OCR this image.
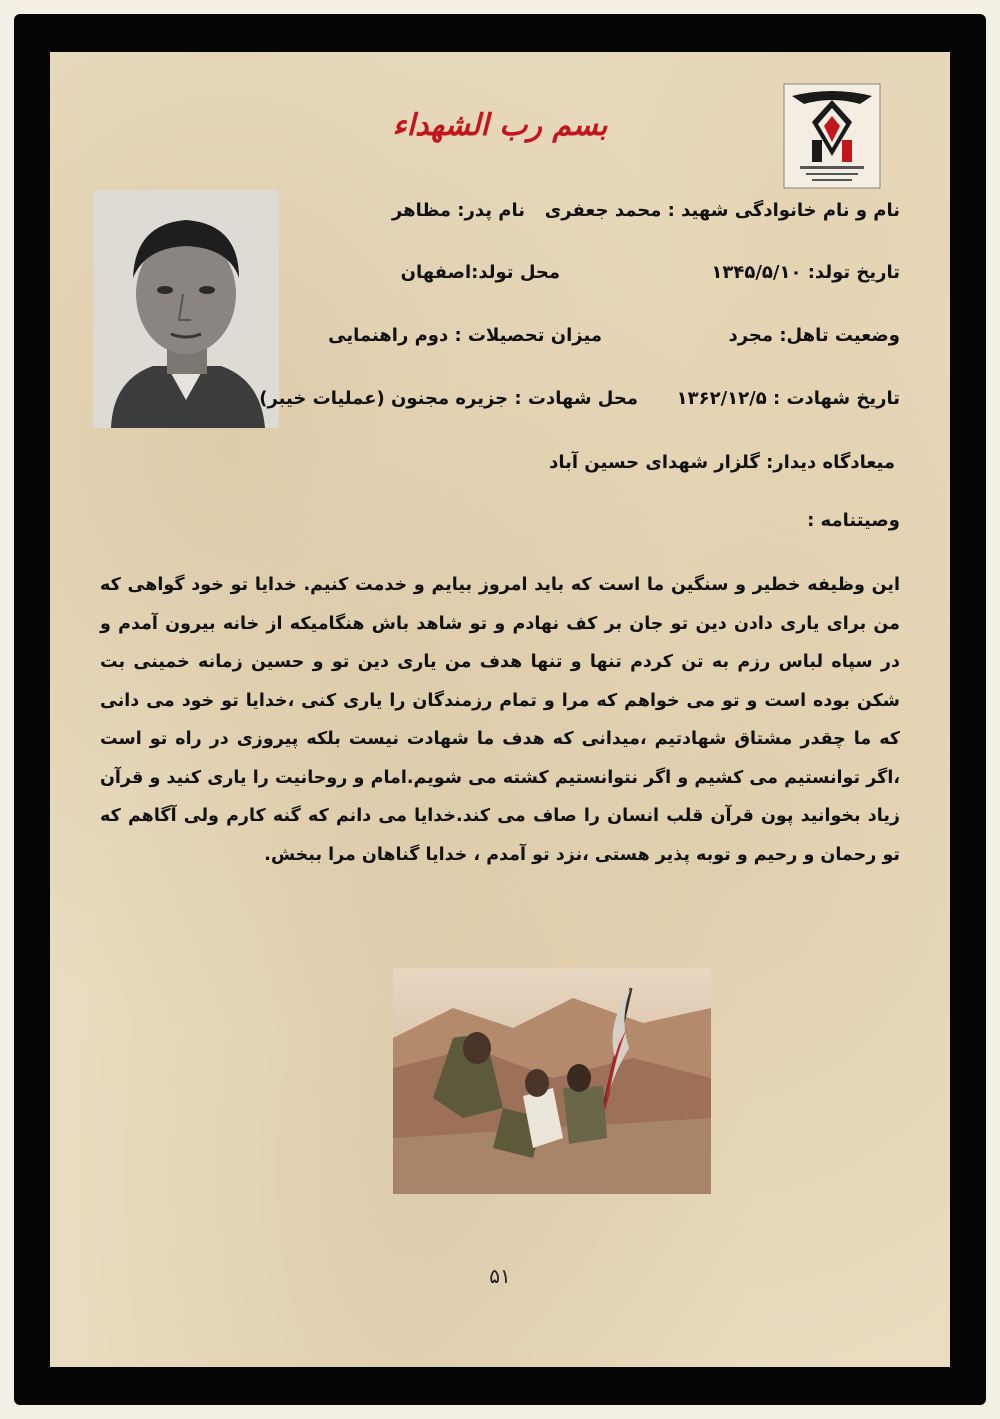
بسم رب الشهداء
نام و نام خانوادگی شهید : محمد جعفری
نام پدر: مظاهر
تاریخ تولد: ۱۳۴۵/۵/۱۰
محل تولد:اصفهان
وضعیت تاهل: مجرد
میزان تحصیلات : دوم راهنمایی
تاریخ شهادت : ۱۳۶۲/۱۲/۵
محل شهادت : جزیره مجنون (عملیات خیبر)
میعادگاه دیدار: گلزار شهدای حسین آباد
وصیتنامه :
این وظیفه خطیر و سنگین ما است که باید امروز بیایم و خدمت کنیم. خدایا تو خود گواهی که من برای یاری دادن دین تو جان بر کف نهادم و تو شاهد باش هنگامیکه از خانه بیرون آمدم و در سپاه لباس رزم به تن کردم تنها و تنها هدف من یاری دین تو و حسین زمانه خمینی بت شکن بوده است و تو می خواهم که مرا و تمام رزمندگان را یاری کنی ،خدایا تو خود می دانی که ما چقدر مشتاق شهادتیم ،میدانی که هدف ما شهادت نیست بلکه پیروزی در راه تو است ،اگر توانستیم می کشیم و اگر نتوانستیم کشته می شویم.امام و روحانیت را یاری کنید و قرآن زیاد بخوانید پون قرآن قلب انسان را صاف می کند.خدایا می دانم که گنه کارم ولی آگاهم که تو رحمان و رحیم و توبه پذیر هستی ،نزد تو آمدم ، خدایا گناهان مرا ببخش.
۵۱
